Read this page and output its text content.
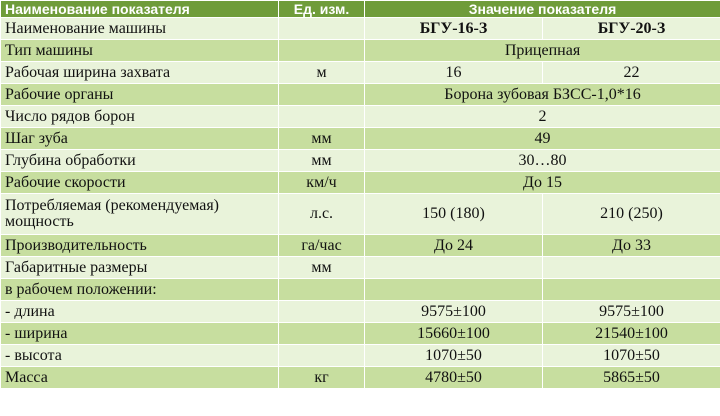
Наименование показателя	Ед. изм.	Значение показателя	
Наименование машины		БГУ-16-З	БГУ-20-З
Тип машины		Прицепная	
Рабочая ширина захвата	м	16	22
Рабочие органы		Борона зубовая БЗСС-1,0*16	
Число рядов борон		2	
Шаг зуба	мм	49	
Глубина обработки	мм	30…80	
Рабочие скорости	км/ч	До 15	
Потребляемая (рекомендуемая) мощность	л.с.	150 (180)	210 (250)
Производительность	га/час	До 24	До 33
Габаритные размеры	мм		
в рабочем положении:			
- длина		9575±100	9575±100
- ширина		15660±100	21540±100
- высота		1070±50	1070±50
Масса	кг	4780±50	5865±50
